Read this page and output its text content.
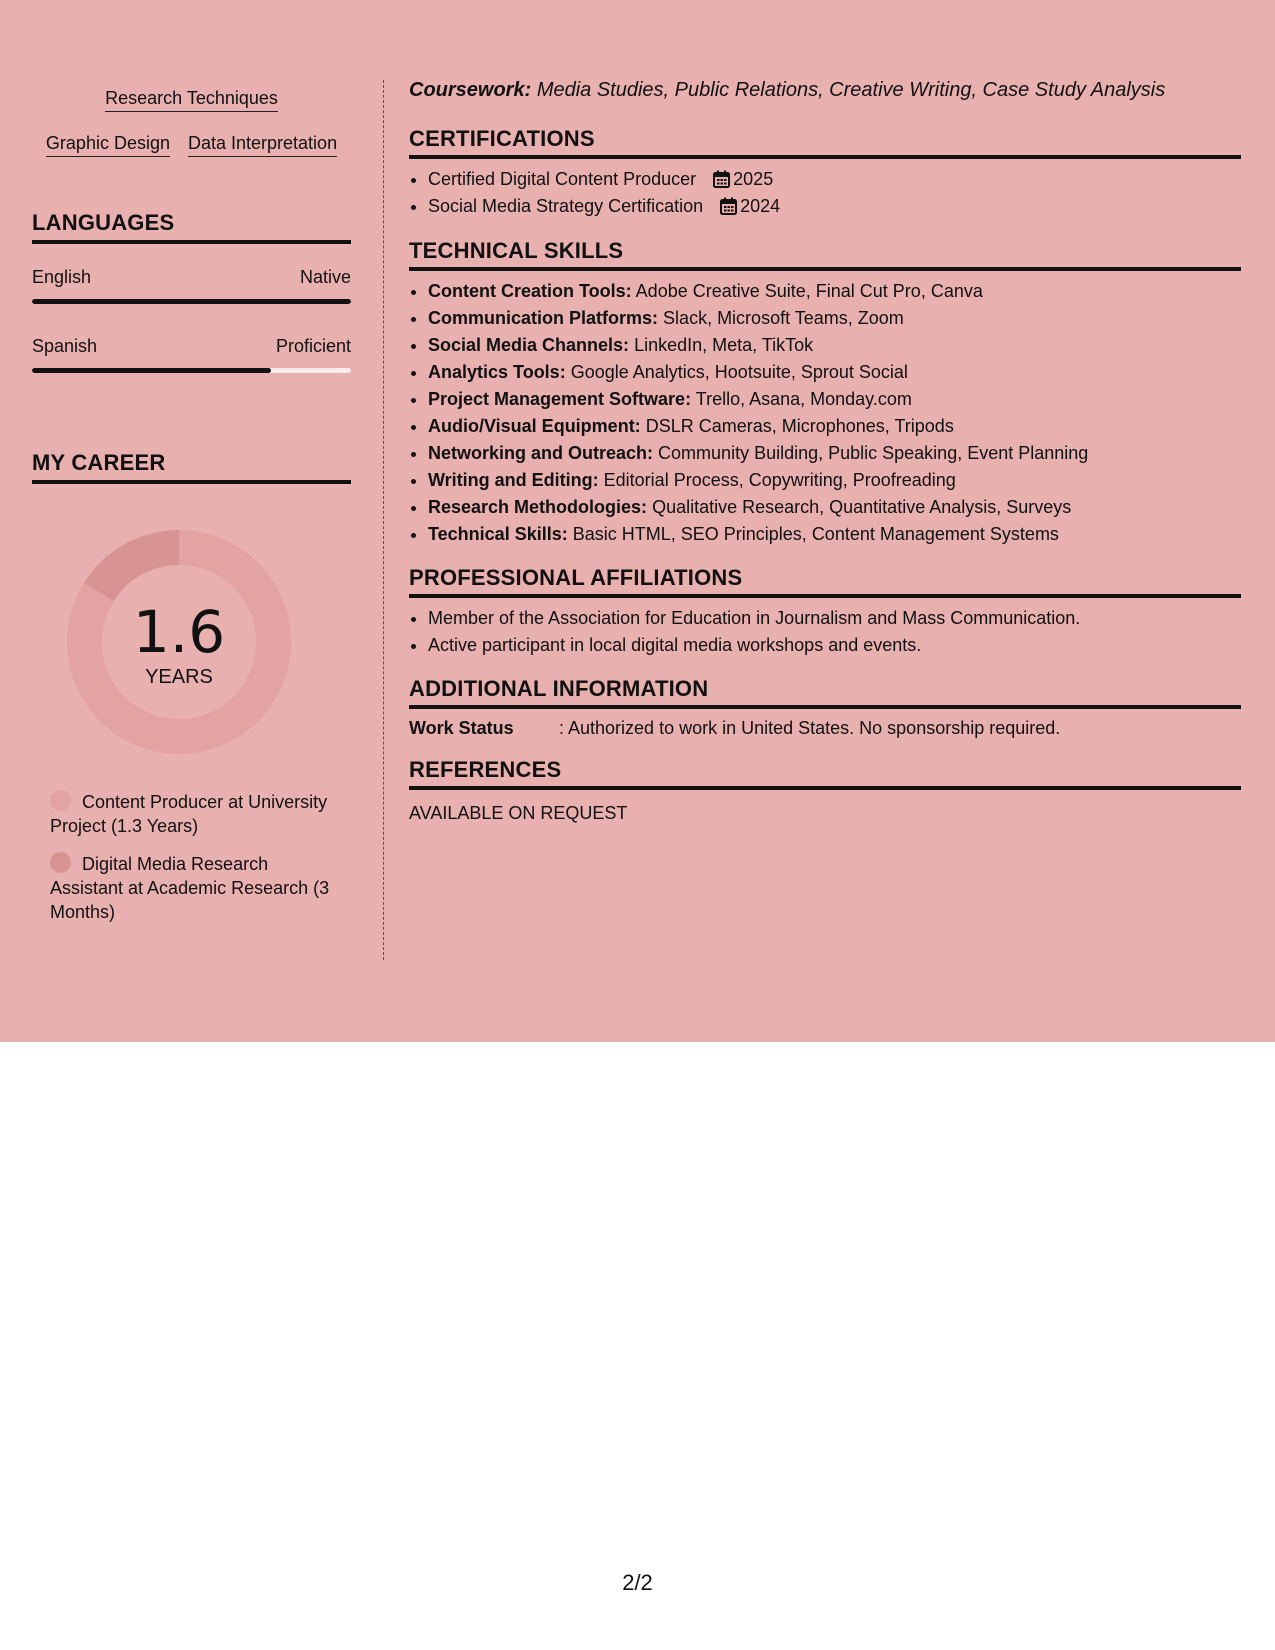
Research Techniques
Graphic Design Data Interpretation
LANGUAGES
English	Native
Spanish	Proficient
MY CAREER
1.6
YEARS
Content Producer at University Project (1.3 Years)
Digital Media Research Assistant at Academic Research (3 Months)
Coursework: Media Studies, Public Relations, Creative Writing, Case Study Analysis
CERTIFICATIONS
• Certified Digital Content Producer 2025
• Social Media Strategy Certification 2024
TECHNICAL SKILLS
• Content Creation Tools: Adobe Creative Suite, Final Cut Pro, Canva
• Communication Platforms: Slack, Microsoft Teams, Zoom
• Social Media Channels: LinkedIn, Meta, TikTok
• Analytics Tools: Google Analytics, Hootsuite, Sprout Social
• Project Management Software: Trello, Asana, Monday.com
• Audio/Visual Equipment: DSLR Cameras, Microphones, Tripods
• Networking and Outreach: Community Building, Public Speaking, Event Planning
• Writing and Editing: Editorial Process, Copywriting, Proofreading
• Research Methodologies: Qualitative Research, Quantitative Analysis, Surveys
• Technical Skills: Basic HTML, SEO Principles, Content Management Systems
PROFESSIONAL AFFILIATIONS
• Member of the Association for Education in Journalism and Mass Communication.
• Active participant in local digital media workshops and events.
ADDITIONAL INFORMATION
Work Status	: Authorized to work in United States. No sponsorship required.
REFERENCES
AVAILABLE ON REQUEST
2/2
